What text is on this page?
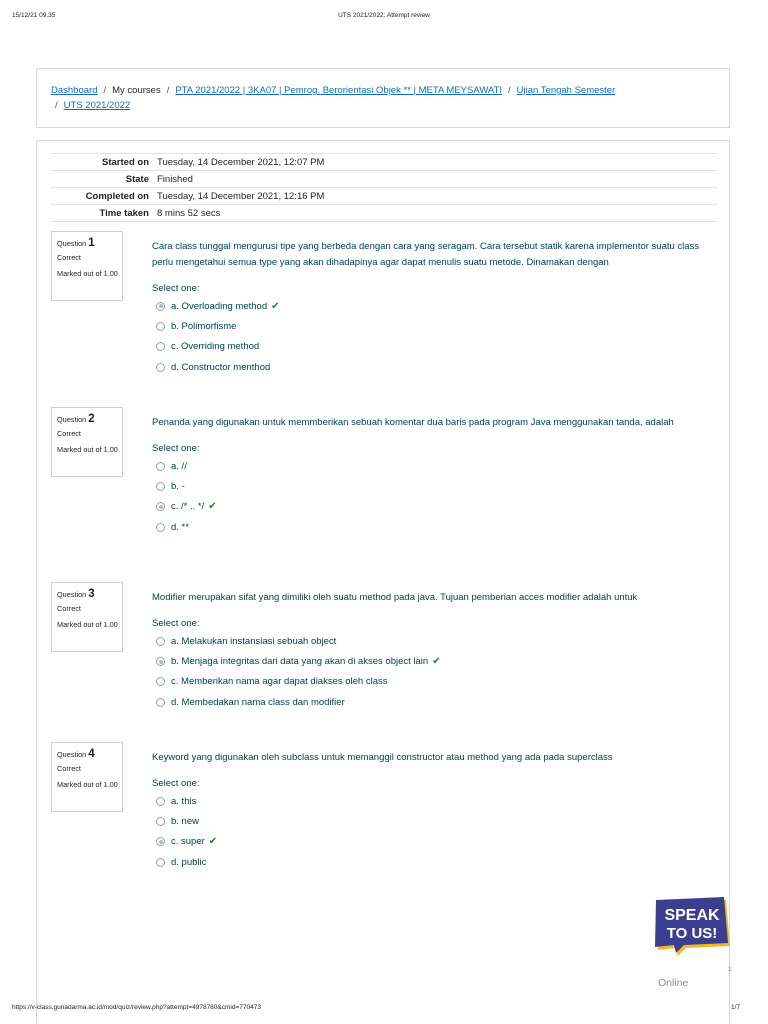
15/12/21 09.35	UTS 2021/2022: Attempt review
Dashboard / My courses / PTA 2021/2022 | 3KA07 | Pemrog. Berorientasi Objek ** | META MEYSAWATI / Ujian Tengah Semester
/ UTS 2021/2022
Started on	Tuesday, 14 December 2021, 12:07 PM
State	Finished
Completed on	Tuesday, 14 December 2021, 12:16 PM
Time taken	8 mins 52 secs
Question 1
Correct
Marked out of 1.00
Cara class tunggal mengurusi tipe yang berbeda dengan cara yang seragam. Cara tersebut statik karena implementor suatu class perlu mengetahui semua type yang akan dihadapinya agar dapat menulis suatu metode. Dinamakan dengan
Select one:
a. Overloading method ✔
b. Polimorfisme
c. Overriding method
d. Constructor menthod
Question 2
Correct
Marked out of 1.00
Penanda yang digunakan untuk memmberikan sebuah komentar dua baris pada program Java menggunakan tanda, adalah
Select one:
a. //
b. -
c. /* .. */ ✔
d. **
Question 3
Correct
Marked out of 1.00
Modifier merupakan sifat yang dimiliki oleh suatu method pada java. Tujuan pemberian acces modifier adalah untuk
Select one:
a. Melakukan instansiasi sebuah object
b. Menjaga integritas dari data yang akan di akses object lain ✔
c. Memberikan nama agar dapat diakses oleh class
d. Membedakan nama class dan modifier
Question 4
Correct
Marked out of 1.00
Keyword yang digunakan oleh subclass untuk memanggil constructor atau method yang ada pada superclass
Select one:
a. this
b. new
c. super ✔
d. public
SPEAK
TO US!
1
Online
https://v-class.gunadarma.ac.id/mod/quiz/review.php?attempt=4978780&cmid=770473	1/7
